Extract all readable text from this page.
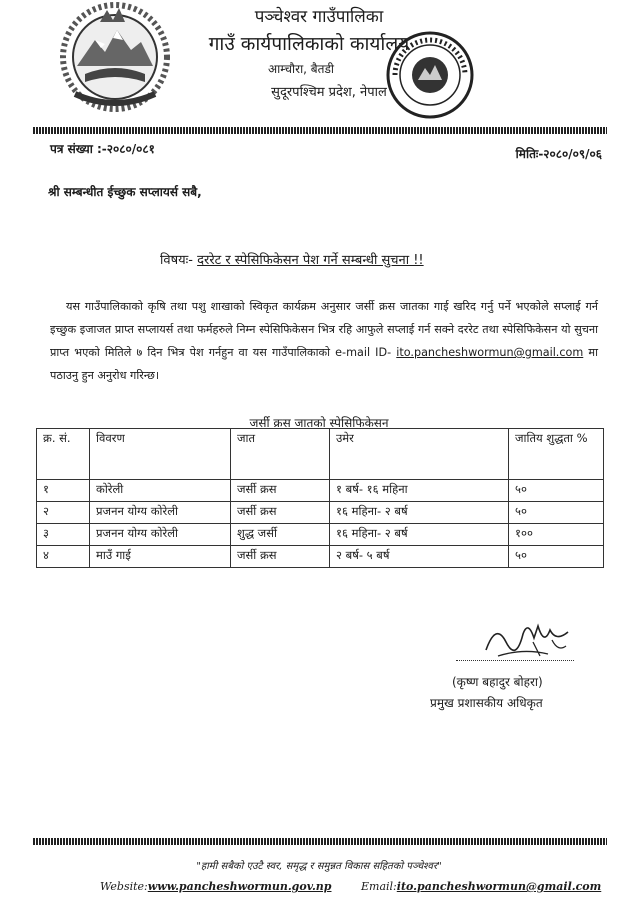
पञ्चेश्वर गाउँपालिका
गाउँ कार्यपालिकाको कार्यालय
आम्चौरा, बैतडी
सुदूरपश्चिम प्रदेश, नेपाल
पत्र संख्या :-२०८०/०८१	मितिः-२०८०/०९/०६
श्री सम्बन्धीत ईच्छुक सप्लायर्स सबै,
विषयः- दररेट र स्पेसिफिकेसन पेश गर्ने सम्बन्धी सुचना !!
यस गाउँपालिकाको कृषि तथा पशु शाखाको स्विकृत कार्यक्रम अनुसार जर्सी क्रस जातका गाई खरिद गर्नु पर्ने भएकोले सप्लाई गर्न इच्छुक इजाजत प्राप्त सप्लायर्स तथा फर्महरुले निम्न स्पेसिफिकेसन भित्र रहि आफुले सप्लाई गर्न सक्ने दररेट तथा स्पेसिफिकेसन यो सुचना प्राप्त भएको मितिले ७ दिन भित्र पेश गर्नहुन वा यस गाउँपालिकाको e-mail ID- ito.pancheshwormun@gmail.com मा पठाउनु हुन अनुरोध गरिन्छ।
जर्सी क्रस जातको स्पेसिफिकेसन
क्र. सं.	विवरण	जात	उमेर	जातिय शुद्धता %
१	कोरेली	जर्सी क्रस	१ बर्ष- १६ महिना	५०
२	प्रजनन योग्य कोरेली	जर्सी क्रस	१६ महिना- २ बर्ष	५०
३	प्रजनन योग्य कोरेली	शुद्ध जर्सी	१६ महिना- २ बर्ष	१००
४	माउँ गाई	जर्सी क्रस	२ बर्ष- ५ बर्ष	५०
(कृष्ण बहादुर बोहरा)
प्रमुख प्रशासकीय अधिकृत
"हामी सबैको एउटै स्वर, समृद्ध र समुन्नत विकास सहितको पञ्चेश्वर"
Website:www.pancheshwormun.gov.np	Email:ito.pancheshwormun@gmail.com
